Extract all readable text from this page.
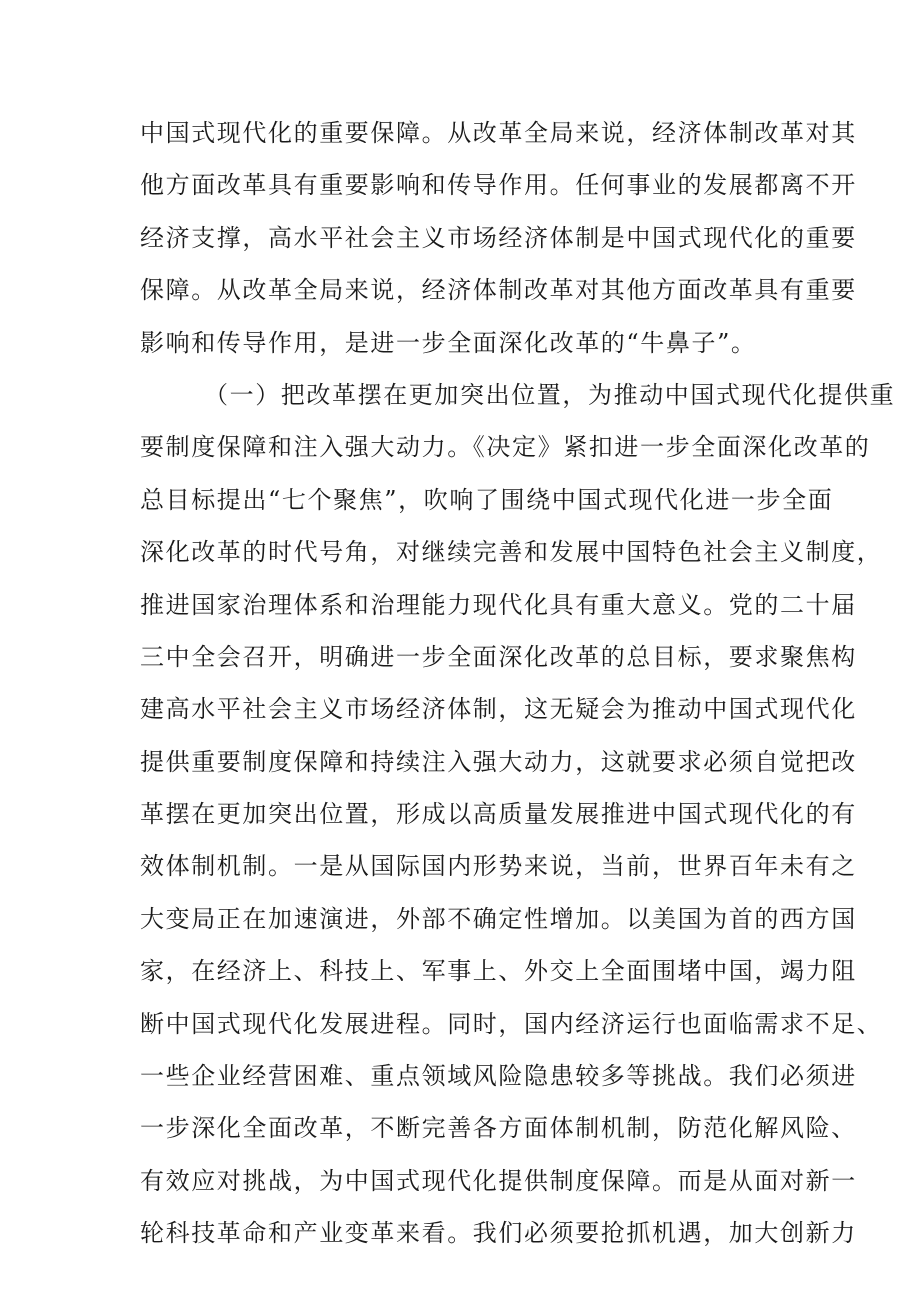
中国式现代化的重要保障。从改革全局来说，经济体制改革对其
他方面改革具有重要影响和传导作用。任何事业的发展都离不开
经济支撑，高水平社会主义市场经济体制是中国式现代化的重要
保障。从改革全局来说，经济体制改革对其他方面改革具有重要
影响和传导作用，是进一步全面深化改革的“牛鼻子”。
（一）把改革摆在更加突出位置，为推动中国式现代化提供重
要制度保障和注入强大动力。《决定》紧扣进一步全面深化改革的
总目标提出“七个聚焦”，吹响了围绕中国式现代化进一步全面
深化改革的时代号角，对继续完善和发展中国特色社会主义制度，
推进国家治理体系和治理能力现代化具有重大意义。党的二十届
三中全会召开，明确进一步全面深化改革的总目标，要求聚焦构
建高水平社会主义市场经济体制，这无疑会为推动中国式现代化
提供重要制度保障和持续注入强大动力，这就要求必须自觉把改
革摆在更加突出位置，形成以高质量发展推进中国式现代化的有
效体制机制。一是从国际国内形势来说，当前，世界百年未有之
大变局正在加速演进，外部不确定性增加。以美国为首的西方国
家，在经济上、科技上、军事上、外交上全面围堵中国，竭力阻
断中国式现代化发展进程。同时，国内经济运行也面临需求不足、
一些企业经营困难、重点领域风险隐患较多等挑战。我们必须进
一步深化全面改革，不断完善各方面体制机制，防范化解风险、
有效应对挑战，为中国式现代化提供制度保障。而是从面对新一
轮科技革命和产业变革来看。我们必须要抢抓机遇，加大创新力
